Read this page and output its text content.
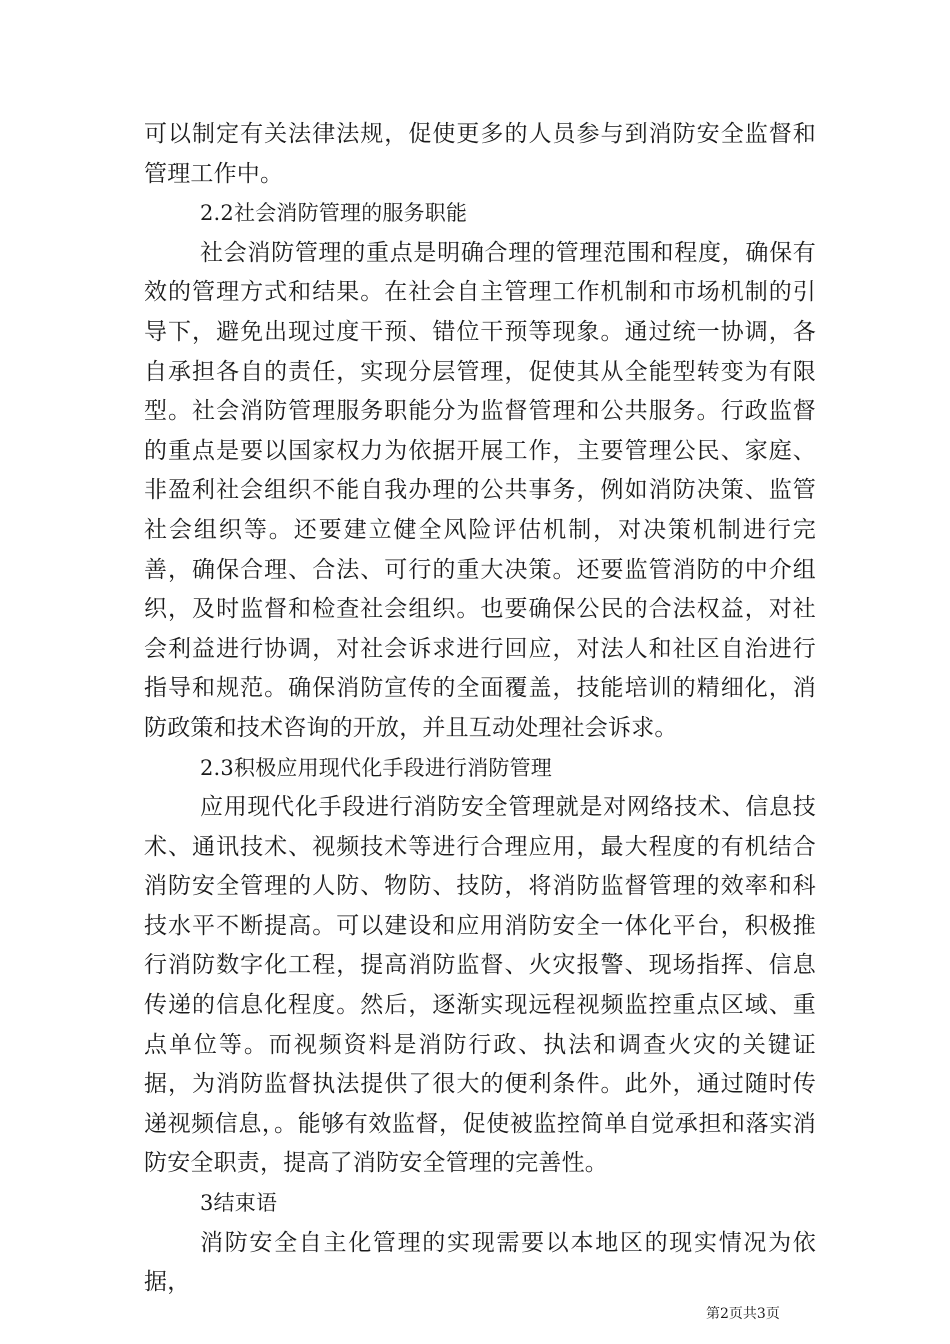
可以制定有关法律法规，促使更多的人员参与到消防安全监督和管理工作中。

2.2社会消防管理的服务职能

社会消防管理的重点是明确合理的管理范围和程度，确保有效的管理方式和结果。在社会自主管理工作机制和市场机制的引导下，避免出现过度干预、错位干预等现象。通过统一协调，各自承担各自的责任，实现分层管理，促使其从全能型转变为有限型。社会消防管理服务职能分为监督管理和公共服务。行政监督的重点是要以国家权力为依据开展工作，主要管理公民、家庭、非盈利社会组织不能自我办理的公共事务，例如消防决策、监管社会组织等。还要建立健全风险评估机制，对决策机制进行完善，确保合理、合法、可行的重大决策。还要监管消防的中介组织，及时监督和检查社会组织。也要确保公民的合法权益，对社会利益进行协调，对社会诉求进行回应，对法人和社区自治进行指导和规范。确保消防宣传的全面覆盖，技能培训的精细化，消防政策和技术咨询的开放，并且互动处理社会诉求。

2.3积极应用现代化手段进行消防管理

应用现代化手段进行消防安全管理就是对网络技术、信息技术、通讯技术、视频技术等进行合理应用，最大程度的有机结合消防安全管理的人防、物防、技防，将消防监督管理的效率和科技水平不断提高。可以建设和应用消防安全一体化平台，积极推行消防数字化工程，提高消防监督、火灾报警、现场指挥、信息传递的信息化程度。然后，逐渐实现远程视频监控重点区域、重点单位等。而视频资料是消防行政、执法和调查火灾的关键证据，为消防监督执法提供了很大的便利条件。此外，通过随时传递视频信息，。能够有效监督，促使被监控简单自觉承担和落实消防安全职责，提高了消防安全管理的完善性。

3结束语

消防安全自主化管理的实现需要以本地区的现实情况为依据，

第2页共3页
